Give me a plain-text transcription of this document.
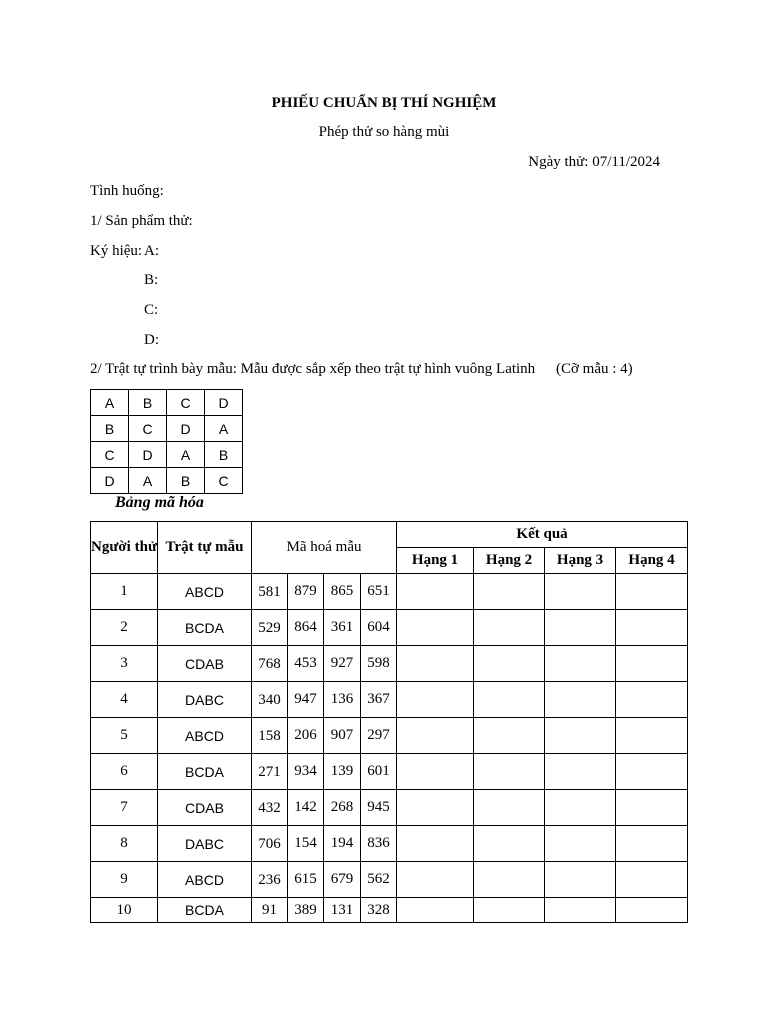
PHIẾU CHUẨN BỊ THÍ NGHIỆM
Phép thử so hàng mùi
Ngày thử: 07/11/2024
Tình huống:
1/ Sản phẩm thử:
Ký hiệu: A:
B:
C:
D:
2/ Trật tự trình bày mẫu: Mẫu được sắp xếp theo trật tự hình vuông Latinh (Cỡ mẫu : 4)
A	B	C	D
B	C	D	A
C	D	A	B
D	A	B	C
Bảng mã hóa
Người thử	Trật tự mẫu	Mã hoá mẫu				Kết quả			
						Hạng 1	Hạng 2	Hạng 3	Hạng 4
1	ABCD	581	879	865	651				
2	BCDA	529	864	361	604				
3	CDAB	768	453	927	598				
4	DABC	340	947	136	367				
5	ABCD	158	206	907	297				
6	BCDA	271	934	139	601				
7	CDAB	432	142	268	945				
8	DABC	706	154	194	836				
9	ABCD	236	615	679	562				
10	BCDA	91	389	131	328				
